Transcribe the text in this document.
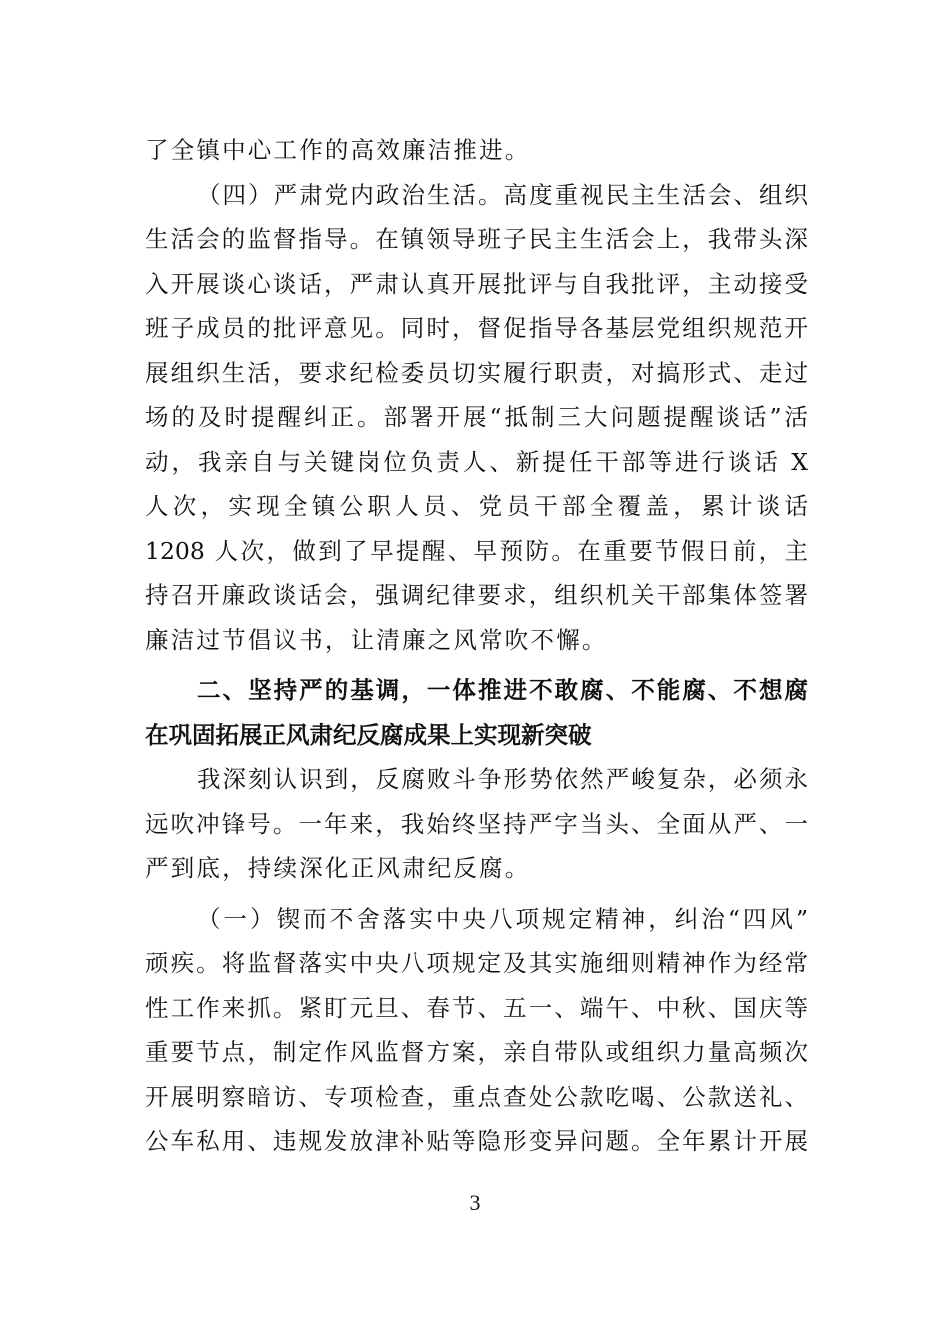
了全镇中心工作的高效廉洁推进。
（四）严肃党内政治生活。高度重视民主生活会、组织
生活会的监督指导。在镇领导班子民主生活会上，我带头深
入开展谈心谈话，严肃认真开展批评与自我批评，主动接受
班子成员的批评意见。同时，督促指导各基层党组织规范开
展组织生活，要求纪检委员切实履行职责，对搞形式、走过
场的及时提醒纠正。部署开展“抵制三大问题提醒谈话”活
动，我亲自与关键岗位负责人、新提任干部等进行谈话 X
人次，实现全镇公职人员、党员干部全覆盖，累计谈话
1208 人次，做到了早提醒、早预防。在重要节假日前，主
持召开廉政谈话会，强调纪律要求，组织机关干部集体签署
廉洁过节倡议书，让清廉之风常吹不懈。
二、坚持严的基调，一体推进不敢腐、不能腐、不想腐
在巩固拓展正风肃纪反腐成果上实现新突破
我深刻认识到，反腐败斗争形势依然严峻复杂，必须永
远吹冲锋号。一年来，我始终坚持严字当头、全面从严、一
严到底，持续深化正风肃纪反腐。
（一）锲而不舍落实中央八项规定精神，纠治“四风”
顽疾。将监督落实中央八项规定及其实施细则精神作为经常
性工作来抓。紧盯元旦、春节、五一、端午、中秋、国庆等
重要节点，制定作风监督方案，亲自带队或组织力量高频次
开展明察暗访、专项检查，重点查处公款吃喝、公款送礼、
公车私用、违规发放津补贴等隐形变异问题。全年累计开展
3
